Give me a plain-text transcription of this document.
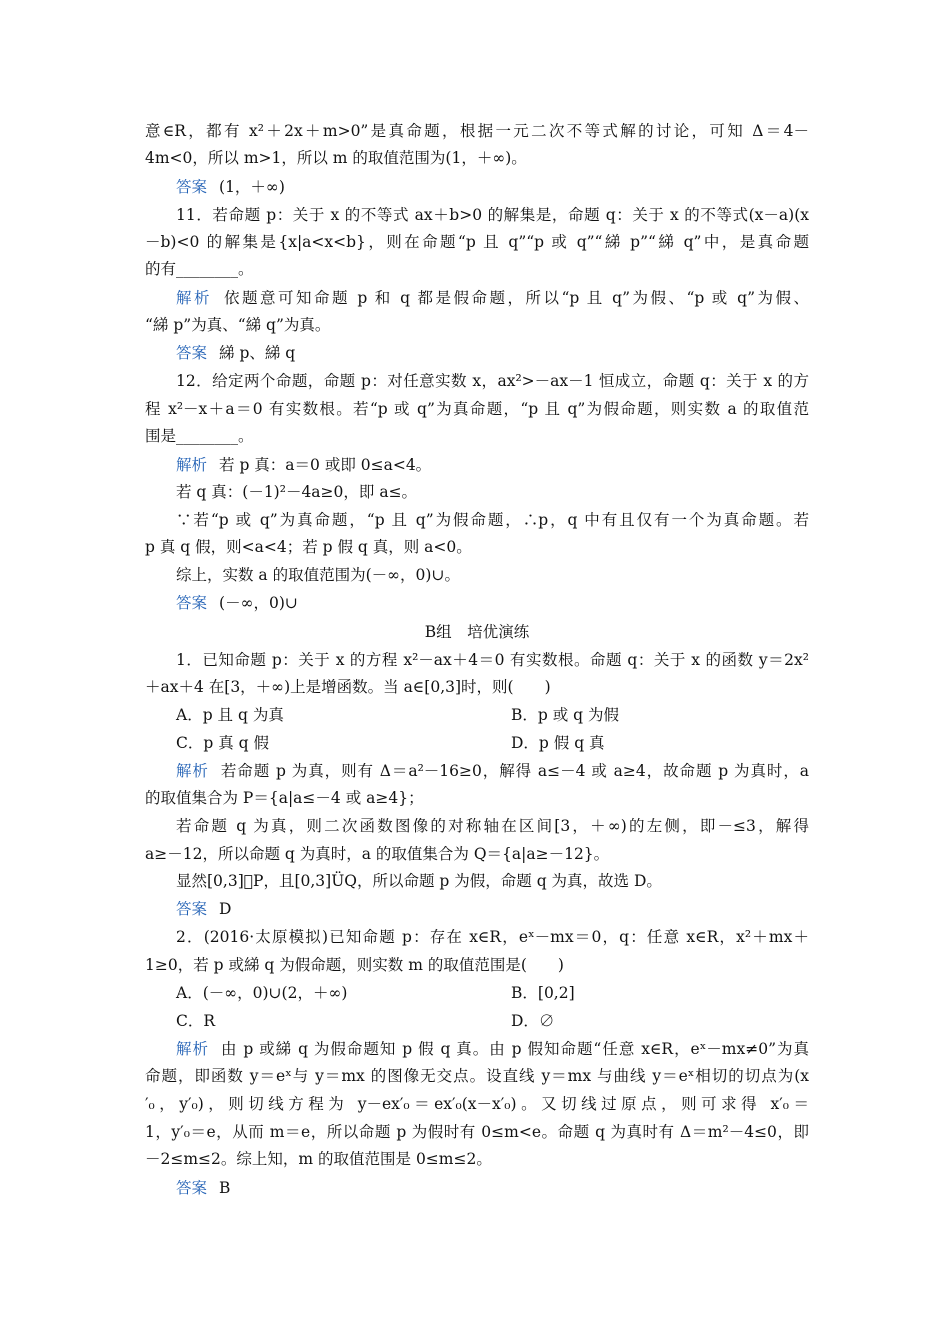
意∈R，都有 x²＋2x＋m>0”是真命题，根据一元二次不等式解的讨论，可知 Δ＝4－
4m<0，所以 m>1，所以 m 的取值范围为(1，＋∞)。
答案 (1，＋∞)
11．若命题 p：关于 x 的不等式 ax＋b>0 的解集是，命题 q：关于 x 的不等式(x－a)(x
－b)<0 的解集是{x|a<x<b}，则在命题“p 且 q”“p 或 q”“綈 p”“綈 q”中，是真命题
的有________。
解析 依题意可知命题 p 和 q 都是假命题，所以“p 且 q”为假、“p 或 q”为假、
“綈 p”为真、“綈 q”为真。
答案 綈 p、綈 q
12．给定两个命题，命题 p：对任意实数 x，ax²>－ax－1 恒成立，命题 q：关于 x 的方
程 x²－x＋a＝0 有实数根。若“p 或 q”为真命题，“p 且 q”为假命题，则实数 a 的取值范
围是________。
解析 若 p 真：a＝0 或即 0≤a<4。
若 q 真：(－1)²－4a≥0，即 a≤。
∵若“p 或 q”为真命题，“p 且 q”为假命题，∴p，q 中有且仅有一个为真命题。若
p 真 q 假，则<a<4；若 p 假 q 真，则 a<0。
综上，实数 a 的取值范围为(－∞，0)∪。
答案 (－∞，0)∪
B组　培优演练
1．已知命题 p：关于 x 的方程 x²－ax＋4＝0 有实数根。命题 q：关于 x 的函数 y＝2x²
＋ax＋4 在[3，＋∞)上是增函数。当 a∈[0,3]时，则(　　)
A．p 且 q 为真	B．p 或 q 为假
C．p 真 q 假	D．p 假 q 真
解析 若命题 p 为真，则有 Δ＝a²－16≥0，解得 a≤－4 或 a≥4，故命题 p 为真时，a
的取值集合为 P＝{a|a≤－4 或 a≥4}；
若命题 q 为真，则二次函数图像的对称轴在区间[3，＋∞)的左侧，即－≤3，解得
a≥－12，所以命题 q 为真时，a 的取值集合为 Q＝{a|a≥－12}。
显然[0,3]⃥P，且[0,3]ÜQ，所以命题 p 为假，命题 q 为真，故选 D。
答案 D
2．(2016·太原模拟)已知命题 p：存在 x∈R，eˣ－mx＝0，q：任意 x∈R，x²＋mx＋
1≥0，若 p 或綈 q 为假命题，则实数 m 的取值范围是(　　)
A．(－∞，0)∪(2，＋∞)	B．[0,2]
C．R	D．∅
解析 由 p 或綈 q 为假命题知 p 假 q 真。由 p 假知命题“任意 x∈R，eˣ－mx≠0”为真
命题，即函数 y＝eˣ与 y＝mx 的图像无交点。设直线 y＝mx 与曲线 y＝eˣ相切的切点为(x
′₀，y′₀)，则切线方程为 y－ex′₀＝ex′₀(x－x′₀)。又切线过原点，则可求得 x′₀＝
1，y′₀＝e，从而 m＝e，所以命题 p 为假时有 0≤m<e。命题 q 为真时有 Δ＝m²－4≤0，即
－2≤m≤2。综上知，m 的取值范围是 0≤m≤2。
答案 B
